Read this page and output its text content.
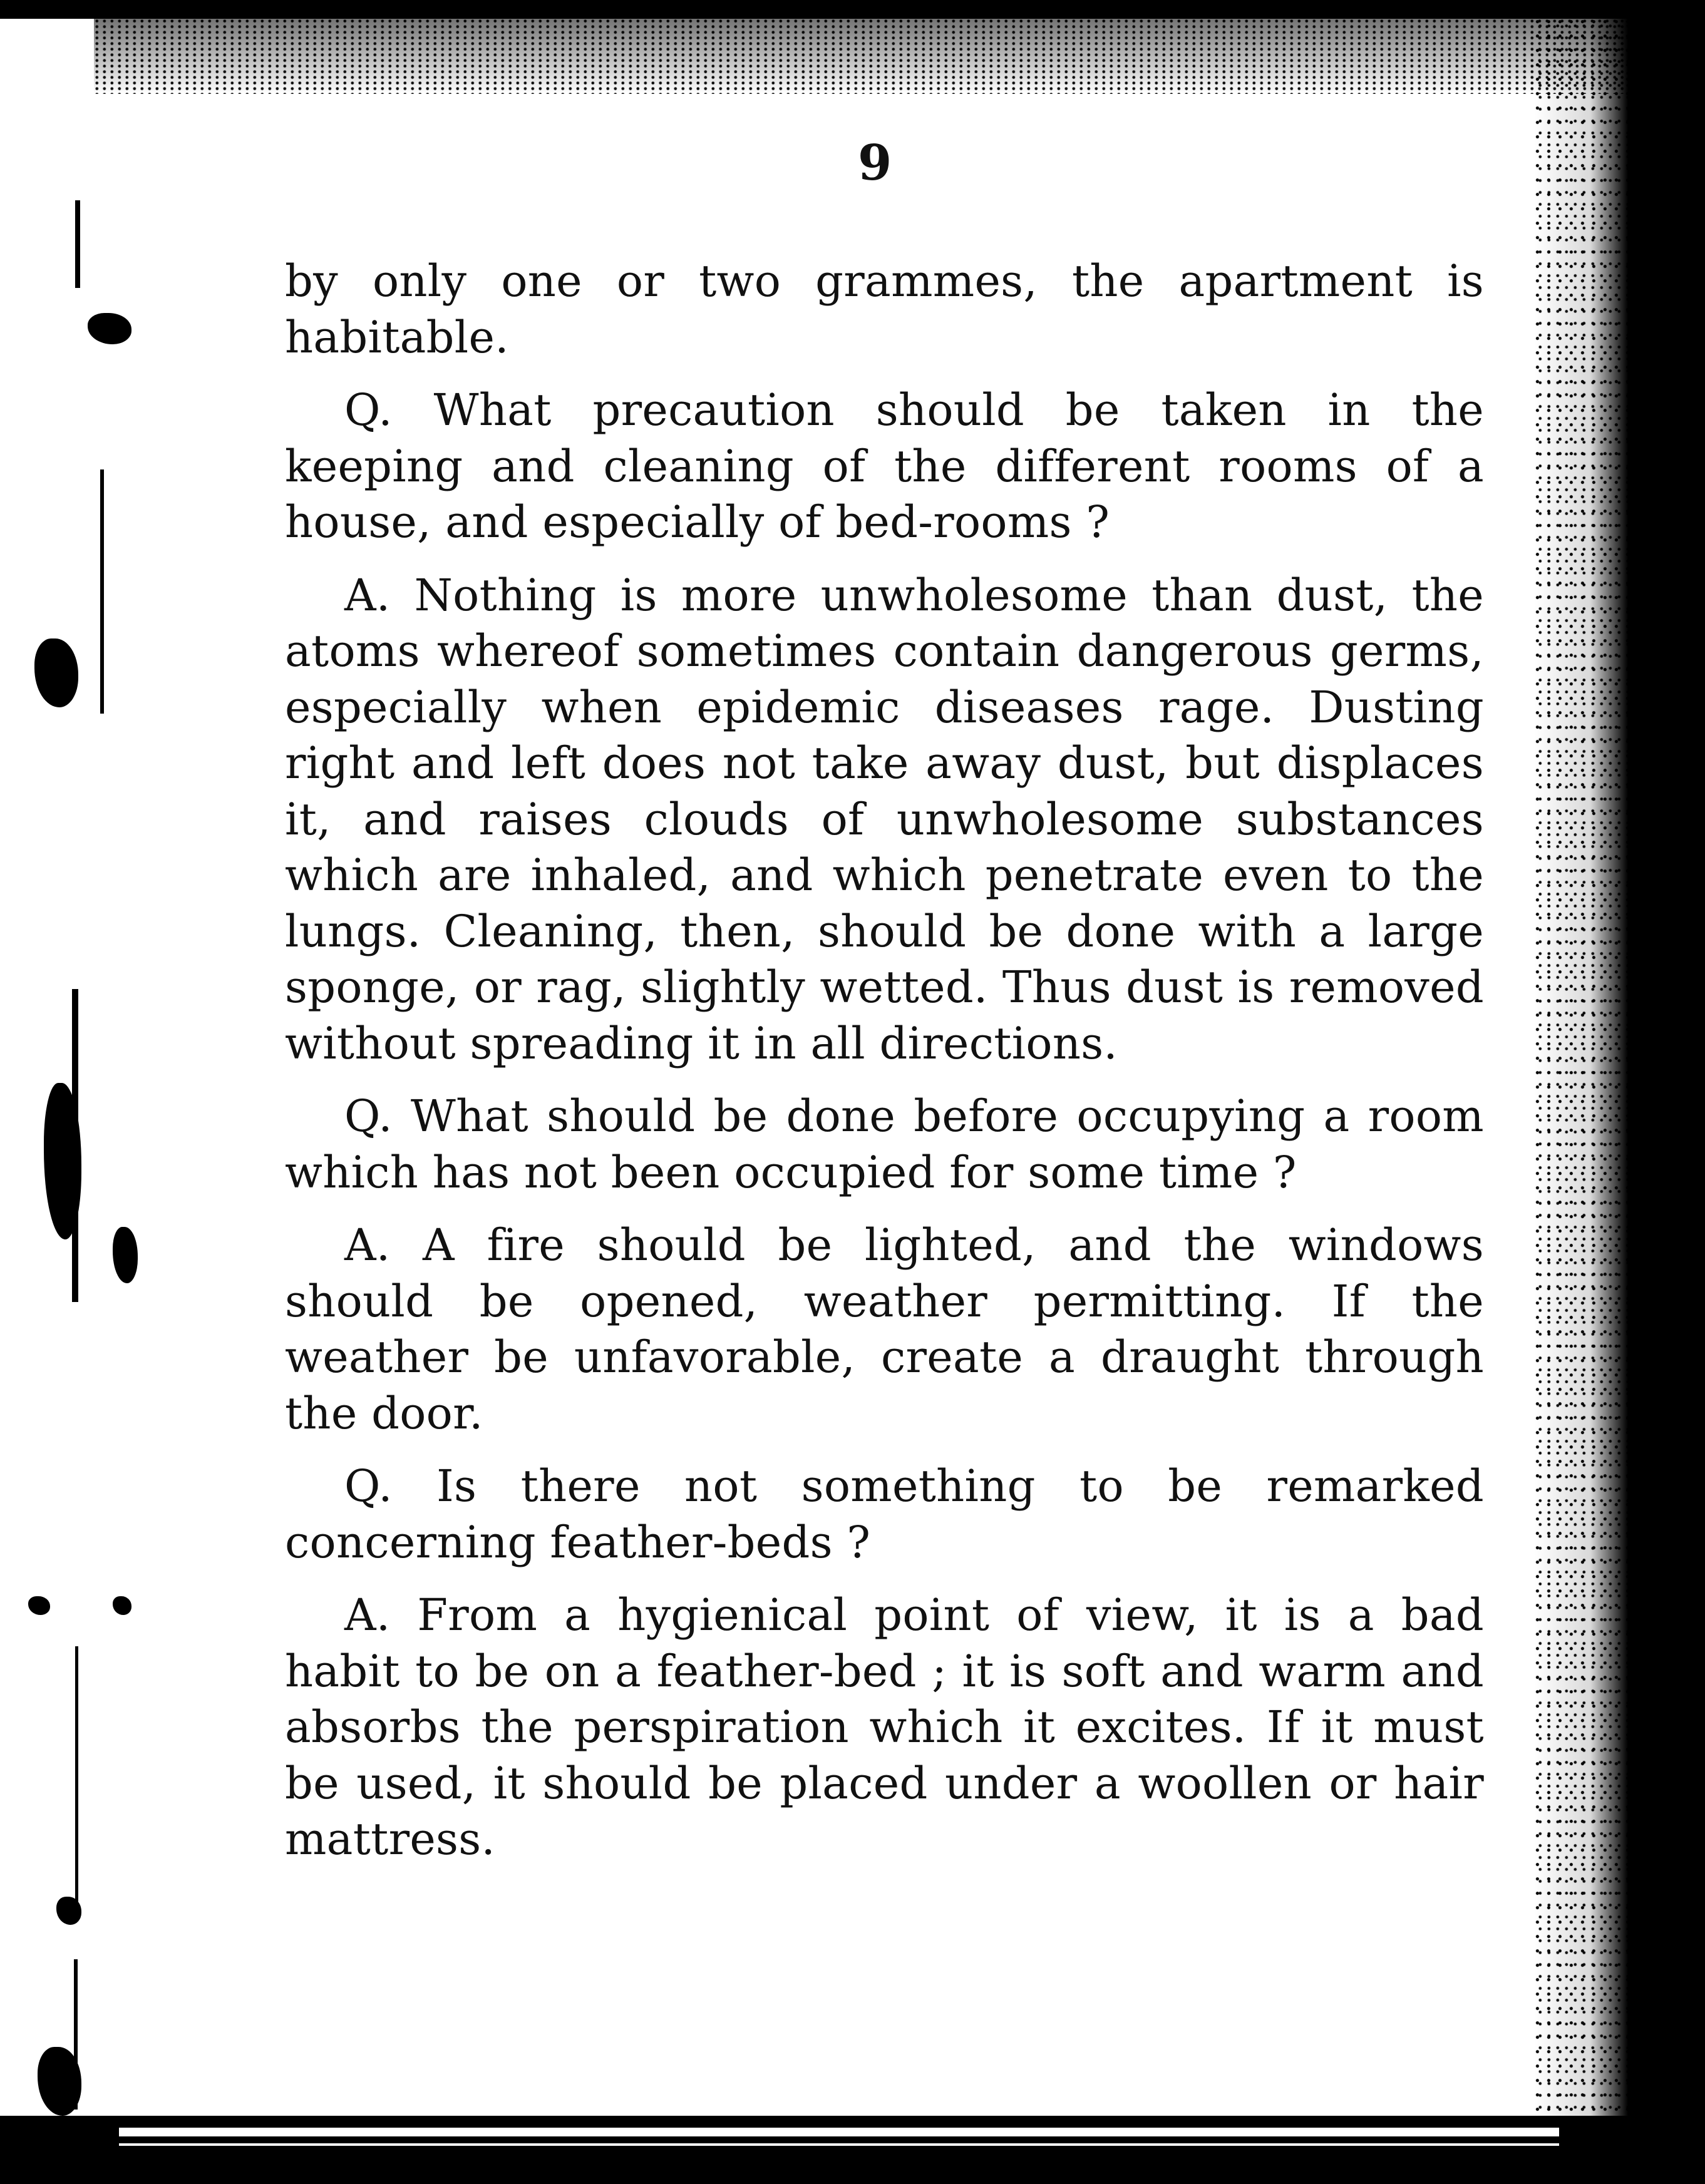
9

by only one or two grammes, the apartment is habitable.

Q. What precaution should be taken in the keeping and cleaning of the different rooms of a house, and especially of bed-rooms ?

A. Nothing is more unwholesome than dust, the atoms whereof sometimes contain dangerous germs, especially when epidemic diseases rage. Dusting right and left does not take away dust, but displaces it, and raises clouds of unwholesome substances which are inhaled, and which penetrate even to the lungs. Cleaning, then, should be done with a large sponge, or rag, slightly wetted. Thus dust is removed without spreading it in all directions.

Q. What should be done before occupying a room which has not been occupied for some time ?

A. A fire should be lighted, and the windows should be opened, weather permitting. If the weather be unfavorable, create a draught through the door.

Q. Is there not something to be remarked concerning feather-beds ?

A. From a hygienical point of view, it is a bad habit to be on a feather-bed ; it is soft and warm and absorbs the perspiration which it excites. If it must be used, it should be placed under a woollen or hair mattress.
